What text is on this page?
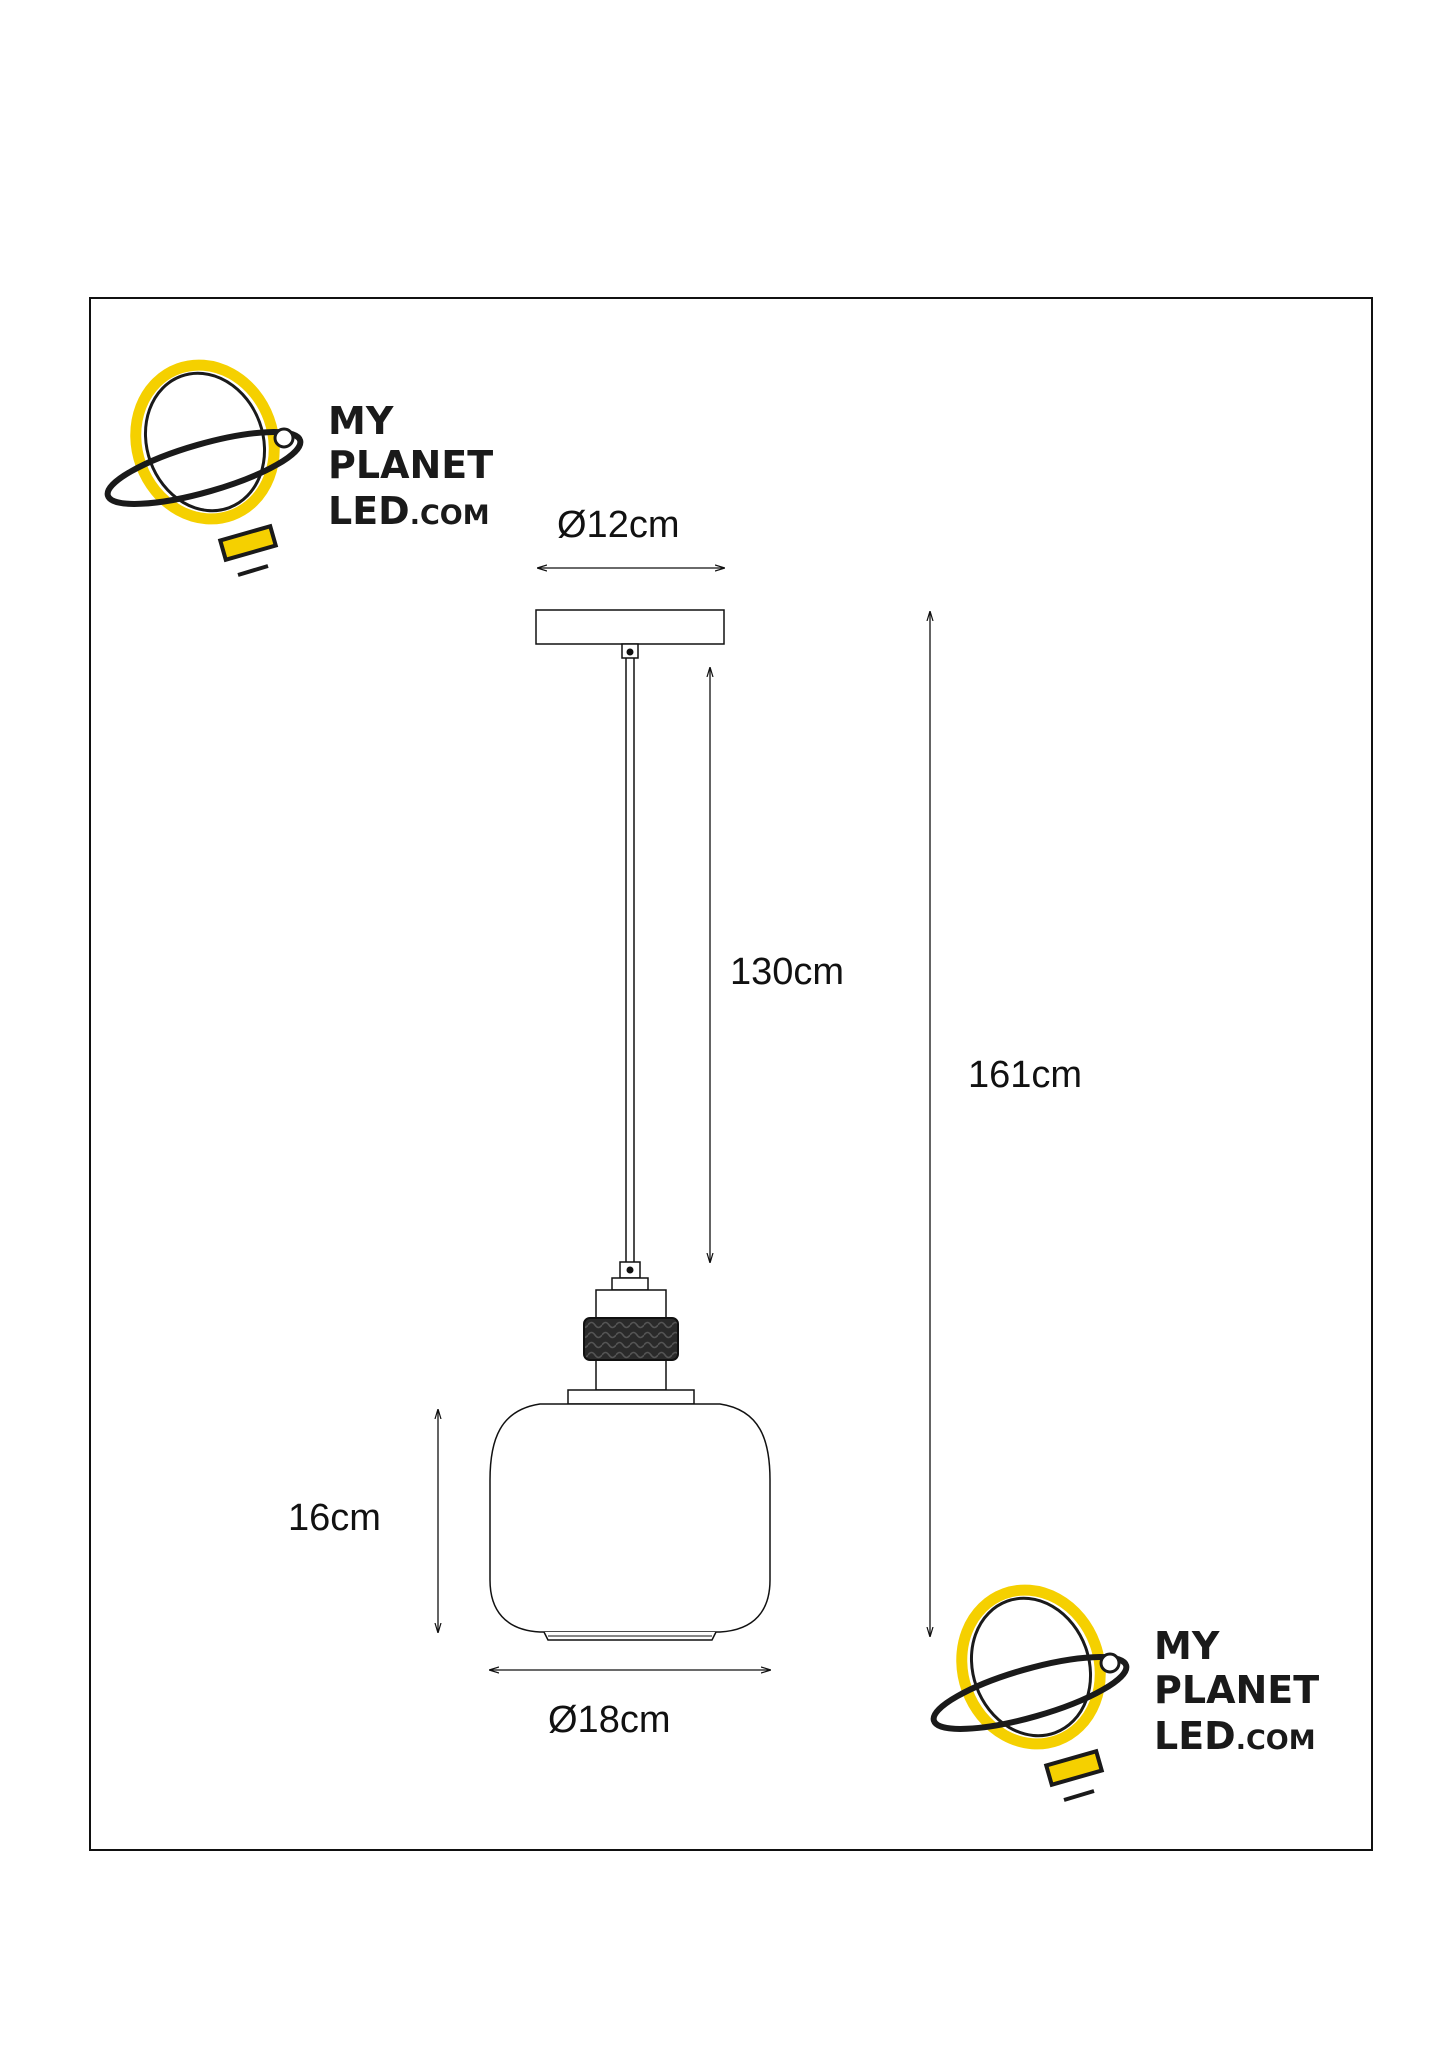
MY
PLANET
LED.COM
MY
PLANET
LED.COM
Ø12cm
130cm
161cm
16cm
Ø18cm
